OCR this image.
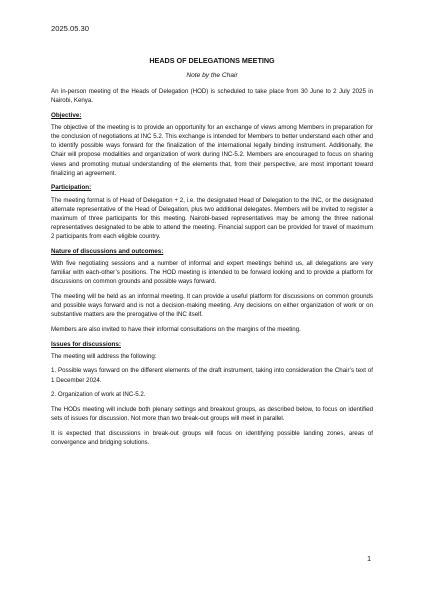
2025.05.30
HEADS OF DELEGATIONS MEETING
Note by the Chair

An in-person meeting of the Heads of Delegation (HOD) is scheduled to take place from 30 June to 2 July 2025 in Nairobi, Kenya.

Objective:

The objective of the meeting is to provide an opportunity for an exchange of views among Members in preparation for the conclusion of negotiations at INC 5.2. This exchange is intended for Members to better understand each other and to identify possible ways forward for the finalization of the international legally binding instrument. Additionally, the Chair will propose modalities and organization of work during INC-5.2. Members are encouraged to focus on sharing views and promoting mutual understanding of the elements that, from their perspective, are most important toward finalizing an agreement.

Participation:

The meeting format is of Head of Delegation + 2, i.e. the designated Head of Delegation to the INC, or the designated alternate representative of the Head of Delegation, plus two additional delegates. Members will be invited to register a maximum of three participants for this meeting. Nairobi-based representatives may be among the three national representatives designated to be able to attend the meeting. Financial support can be provided for travel of maximum 2 participants from each eligible country.

Nature of discussions and outcomes:

With five negotiating sessions and a number of informal and expert meetings behind us, all delegations are very familiar with each-other’s positions. The HOD meeting is intended to be forward looking and to provide a platform for discussions on common grounds and possible ways forward.

The meeting will be held as an informal meeting. It can provide a useful platform for discussions on common grounds and possible ways forward and is not a decision-making meeting. Any decisions on either organization of work or on substantive matters are the prerogative of the INC itself.

Members are also invited to have their informal consultations on the margins of the meeting.

Issues for discussions:

The meeting will address the following:

1. Possible ways forward on the different elements of the draft instrument, taking into consideration the Chair’s text of 1 December 2024.

2. Organization of work at INC-5.2.

The HODs meeting will include both plenary settings and breakout groups, as described below, to focus on identified sets of issues for discussion. Not more than two break-out groups will meet in parallel.

It is expected that discussions in break-out groups will focus on identifying possible landing zones, areas of convergence and bridging solutions.

1
